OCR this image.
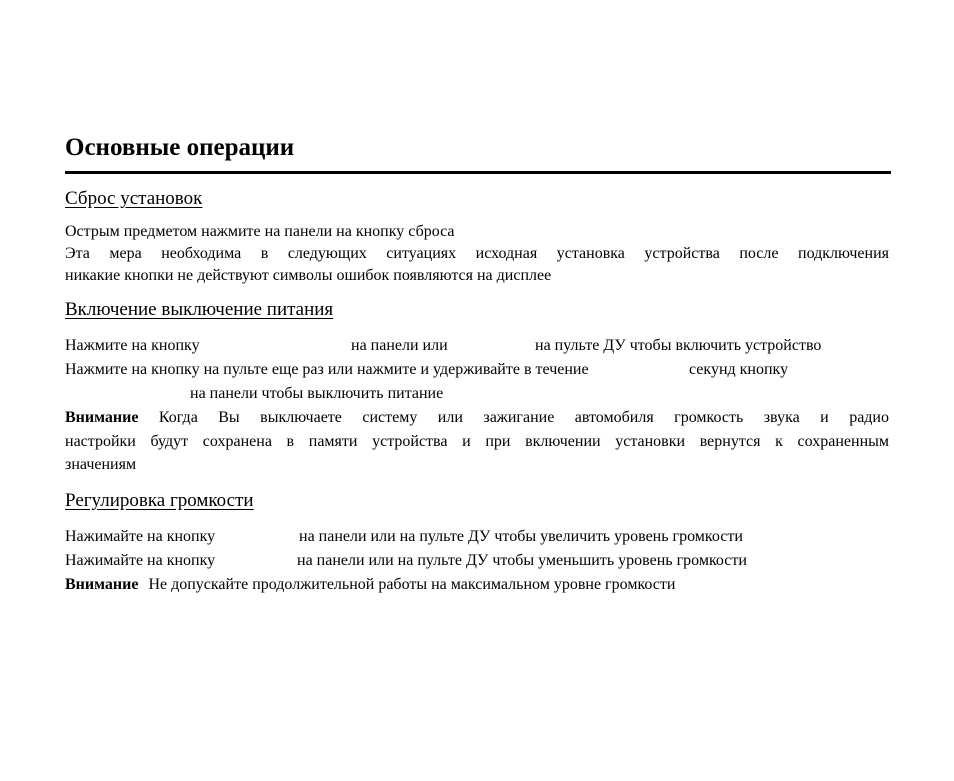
Основные операции
Сброс установок
Острым предметом нажмите на панели на кнопку сброса
Эта мера необходима в следующих ситуациях исходная установка устройства после подключения
никакие кнопки не действуют символы ошибок появляются на дисплее
Включение выключение питания
Нажмите на кнопку	на панели или	на пульте ДУ чтобы включить устройство
Нажмите на кнопку на пульте еще раз или нажмите и удерживайте в течение	секунд кнопку
на панели чтобы выключить питание
Внимание Когда Вы выключаете систему или зажигание автомобиля громкость звука и радио
настройки будут сохранена в памяти устройства и при включении установки вернутся к сохраненным
значениям
Регулировка громкости
Нажимайте на кнопку	на панели или на пульте ДУ чтобы увеличить уровень громкости
Нажимайте на кнопку	на панели или на пульте ДУ чтобы уменьшить уровень громкости
Внимание Не допускайте продолжительной работы на максимальном уровне громкости
